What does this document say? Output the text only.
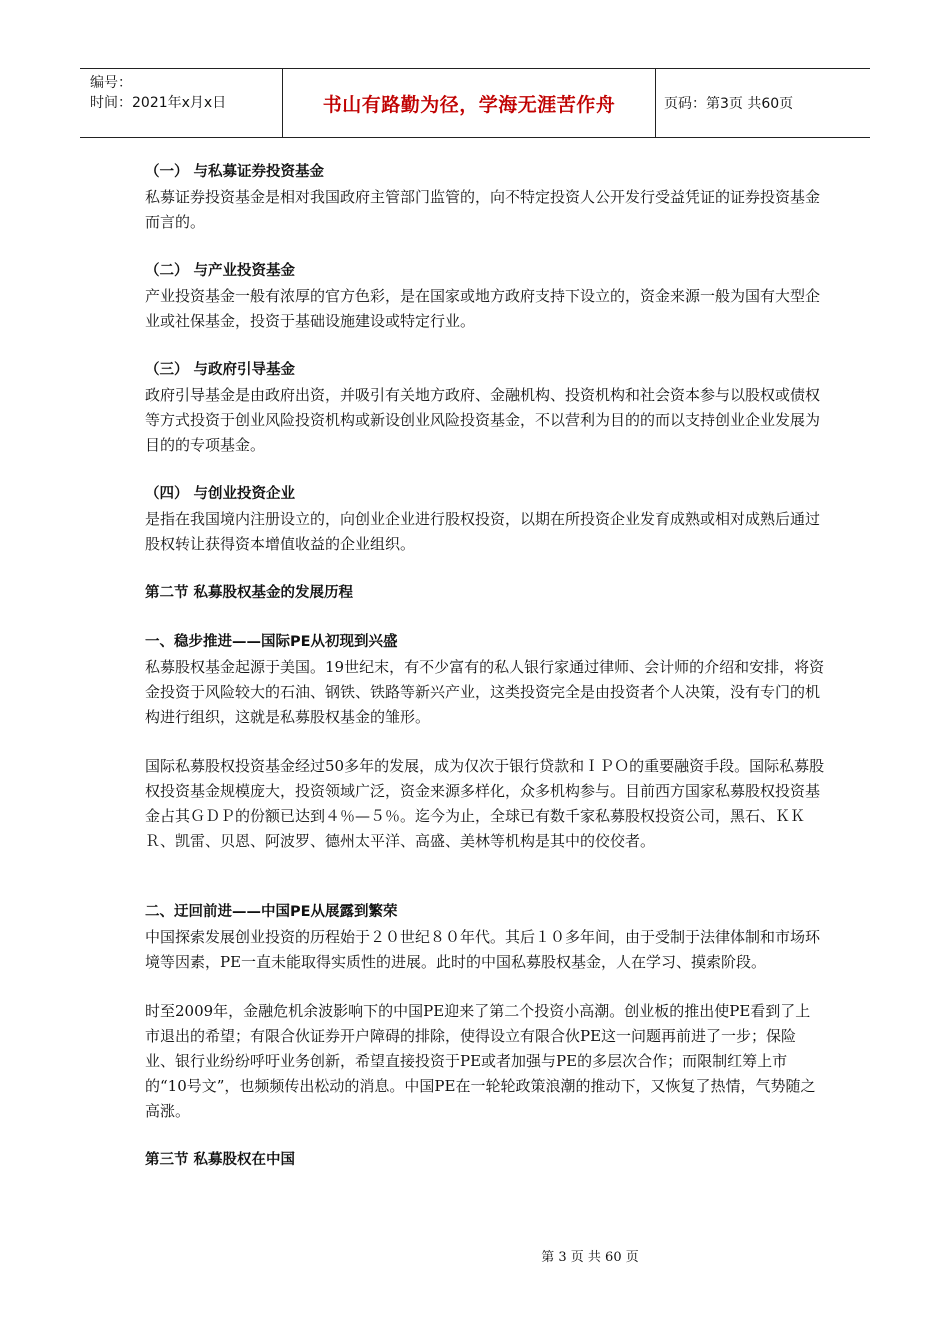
编号：
时间：2021年x月x日	书山有路勤为径，学海无涯苦作舟	页码：第3页 共60页
（一） 与私募证券投资基金
私募证券投资基金是相对我国政府主管部门监管的，向不特定投资人公开发行受益凭证的证券投资基金而言的。
（二） 与产业投资基金
产业投资基金一般有浓厚的官方色彩，是在国家或地方政府支持下设立的，资金来源一般为国有大型企业或社保基金，投资于基础设施建设或特定行业。
（三） 与政府引导基金
政府引导基金是由政府出资，并吸引有关地方政府、金融机构、投资机构和社会资本参与以股权或债权等方式投资于创业风险投资机构或新设创业风险投资基金，不以营利为目的的而以支持创业企业发展为目的的专项基金。
（四） 与创业投资企业
是指在我国境内注册设立的，向创业企业进行股权投资，以期在所投资企业发育成熟或相对成熟后通过股权转让获得资本增值收益的企业组织。
第二节 私募股权基金的发展历程
一、稳步推进——国际PE从初现到兴盛
私募股权基金起源于美国。19世纪末，有不少富有的私人银行家通过律师、会计师的介绍和安排，将资金投资于风险较大的石油、钢铁、铁路等新兴产业，这类投资完全是由投资者个人决策，没有专门的机构进行组织，这就是私募股权基金的雏形。
国际私募股权投资基金经过50多年的发展，成为仅次于银行贷款和ＩＰＯ的重要融资手段。国际私募股权投资基金规模庞大，投资领域广泛，资金来源多样化，众多机构参与。目前西方国家私募股权投资基金占其ＧＤＰ的份额已达到４％—５％。迄今为止，全球已有数千家私募股权投资公司，黑石、ＫＫＲ、凯雷、贝恩、阿波罗、德州太平洋、高盛、美林等机构是其中的佼佼者。
二、迂回前进——中国PE从展露到繁荣
中国探索发展创业投资的历程始于２０世纪８０年代。其后１０多年间，由于受制于法律体制和市场环境等因素，PE一直未能取得实质性的进展。此时的中国私募股权基金，人在学习、摸索阶段。
时至2009年，金融危机余波影响下的中国PE迎来了第二个投资小高潮。创业板的推出使PE看到了上市退出的希望；有限合伙证券开户障碍的排除，使得设立有限合伙PE这一问题再前进了一步；保险业、银行业纷纷呼吁业务创新，希望直接投资于PE或者加强与PE的多层次合作；而限制红筹上市的“10号文”，也频频传出松动的消息。中国PE在一轮轮政策浪潮的推动下，又恢复了热情，气势随之高涨。
第三节 私募股权在中国
第 3 页 共 60 页
